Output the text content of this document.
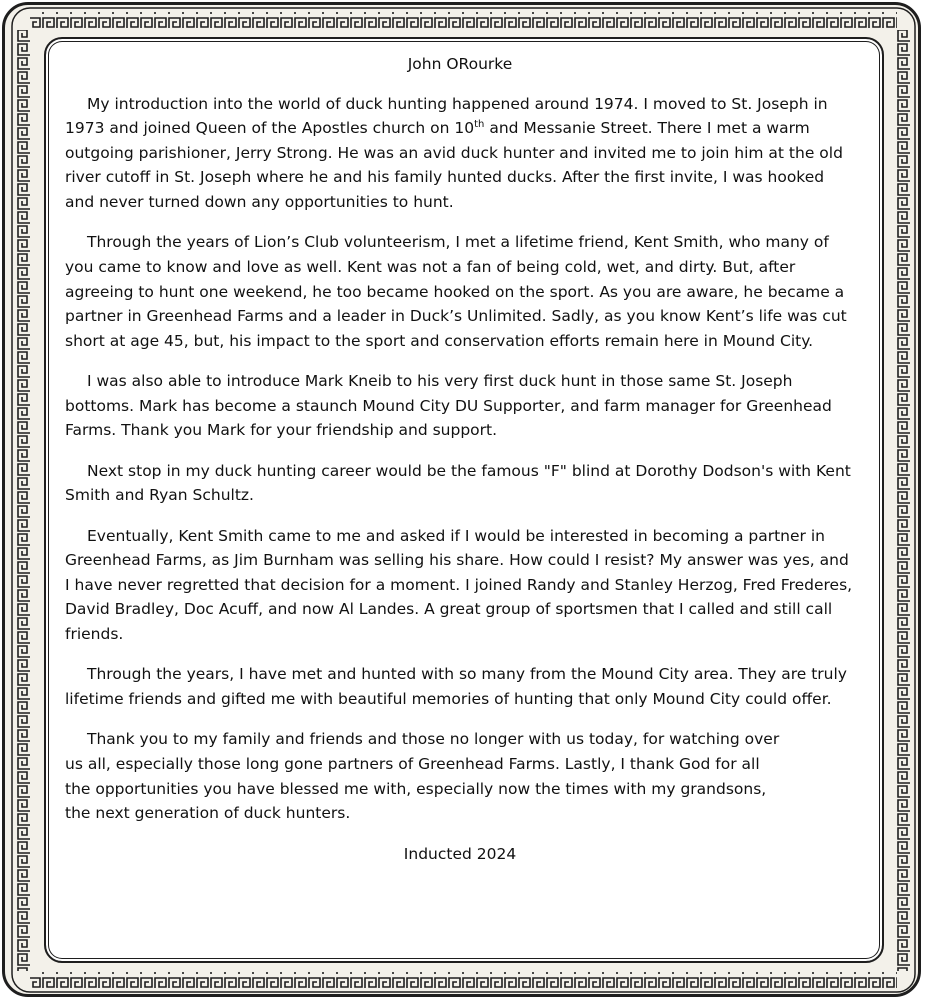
John ORourke

My introduction into the world of duck hunting happened around 1974. I moved to St. Joseph in 1973 and joined Queen of the Apostles church on 10th and Messanie Street. There I met a warm outgoing parishioner, Jerry Strong. He was an avid duck hunter and invited me to join him at the old river cutoff in St. Joseph where he and his family hunted ducks. After the first invite, I was hooked and never turned down any opportunities to hunt.

Through the years of Lion’s Club volunteerism, I met a lifetime friend, Kent Smith, who many of you came to know and love as well. Kent was not a fan of being cold, wet, and dirty. But, after agreeing to hunt one weekend, he too became hooked on the sport. As you are aware, he became a partner in Greenhead Farms and a leader in Duck’s Unlimited. Sadly, as you know Kent’s life was cut short at age 45, but, his impact to the sport and conservation efforts remain here in Mound City.

I was also able to introduce Mark Kneib to his very first duck hunt in those same St. Joseph bottoms. Mark has become a staunch Mound City DU Supporter, and farm manager for Greenhead Farms. Thank you Mark for your friendship and support.

Next stop in my duck hunting career would be the famous "F" blind at Dorothy Dodson's with Kent Smith and Ryan Schultz.

Eventually, Kent Smith came to me and asked if I would be interested in becoming a partner in Greenhead Farms, as Jim Burnham was selling his share. How could I resist? My answer was yes, and I have never regretted that decision for a moment. I joined Randy and Stanley Herzog, Fred Frederes, David Bradley, Doc Acuff, and now Al Landes. A great group of sportsmen that I called and still call friends.

Through the years, I have met and hunted with so many from the Mound City area. They are truly lifetime friends and gifted me with beautiful memories of hunting that only Mound City could offer.

Thank you to my family and friends and those no longer with us today, for watching over us all, especially those long gone partners of Greenhead Farms. Lastly, I thank God for all the opportunities you have blessed me with, especially now the times with my grandsons, the next generation of duck hunters.

Inducted 2024
